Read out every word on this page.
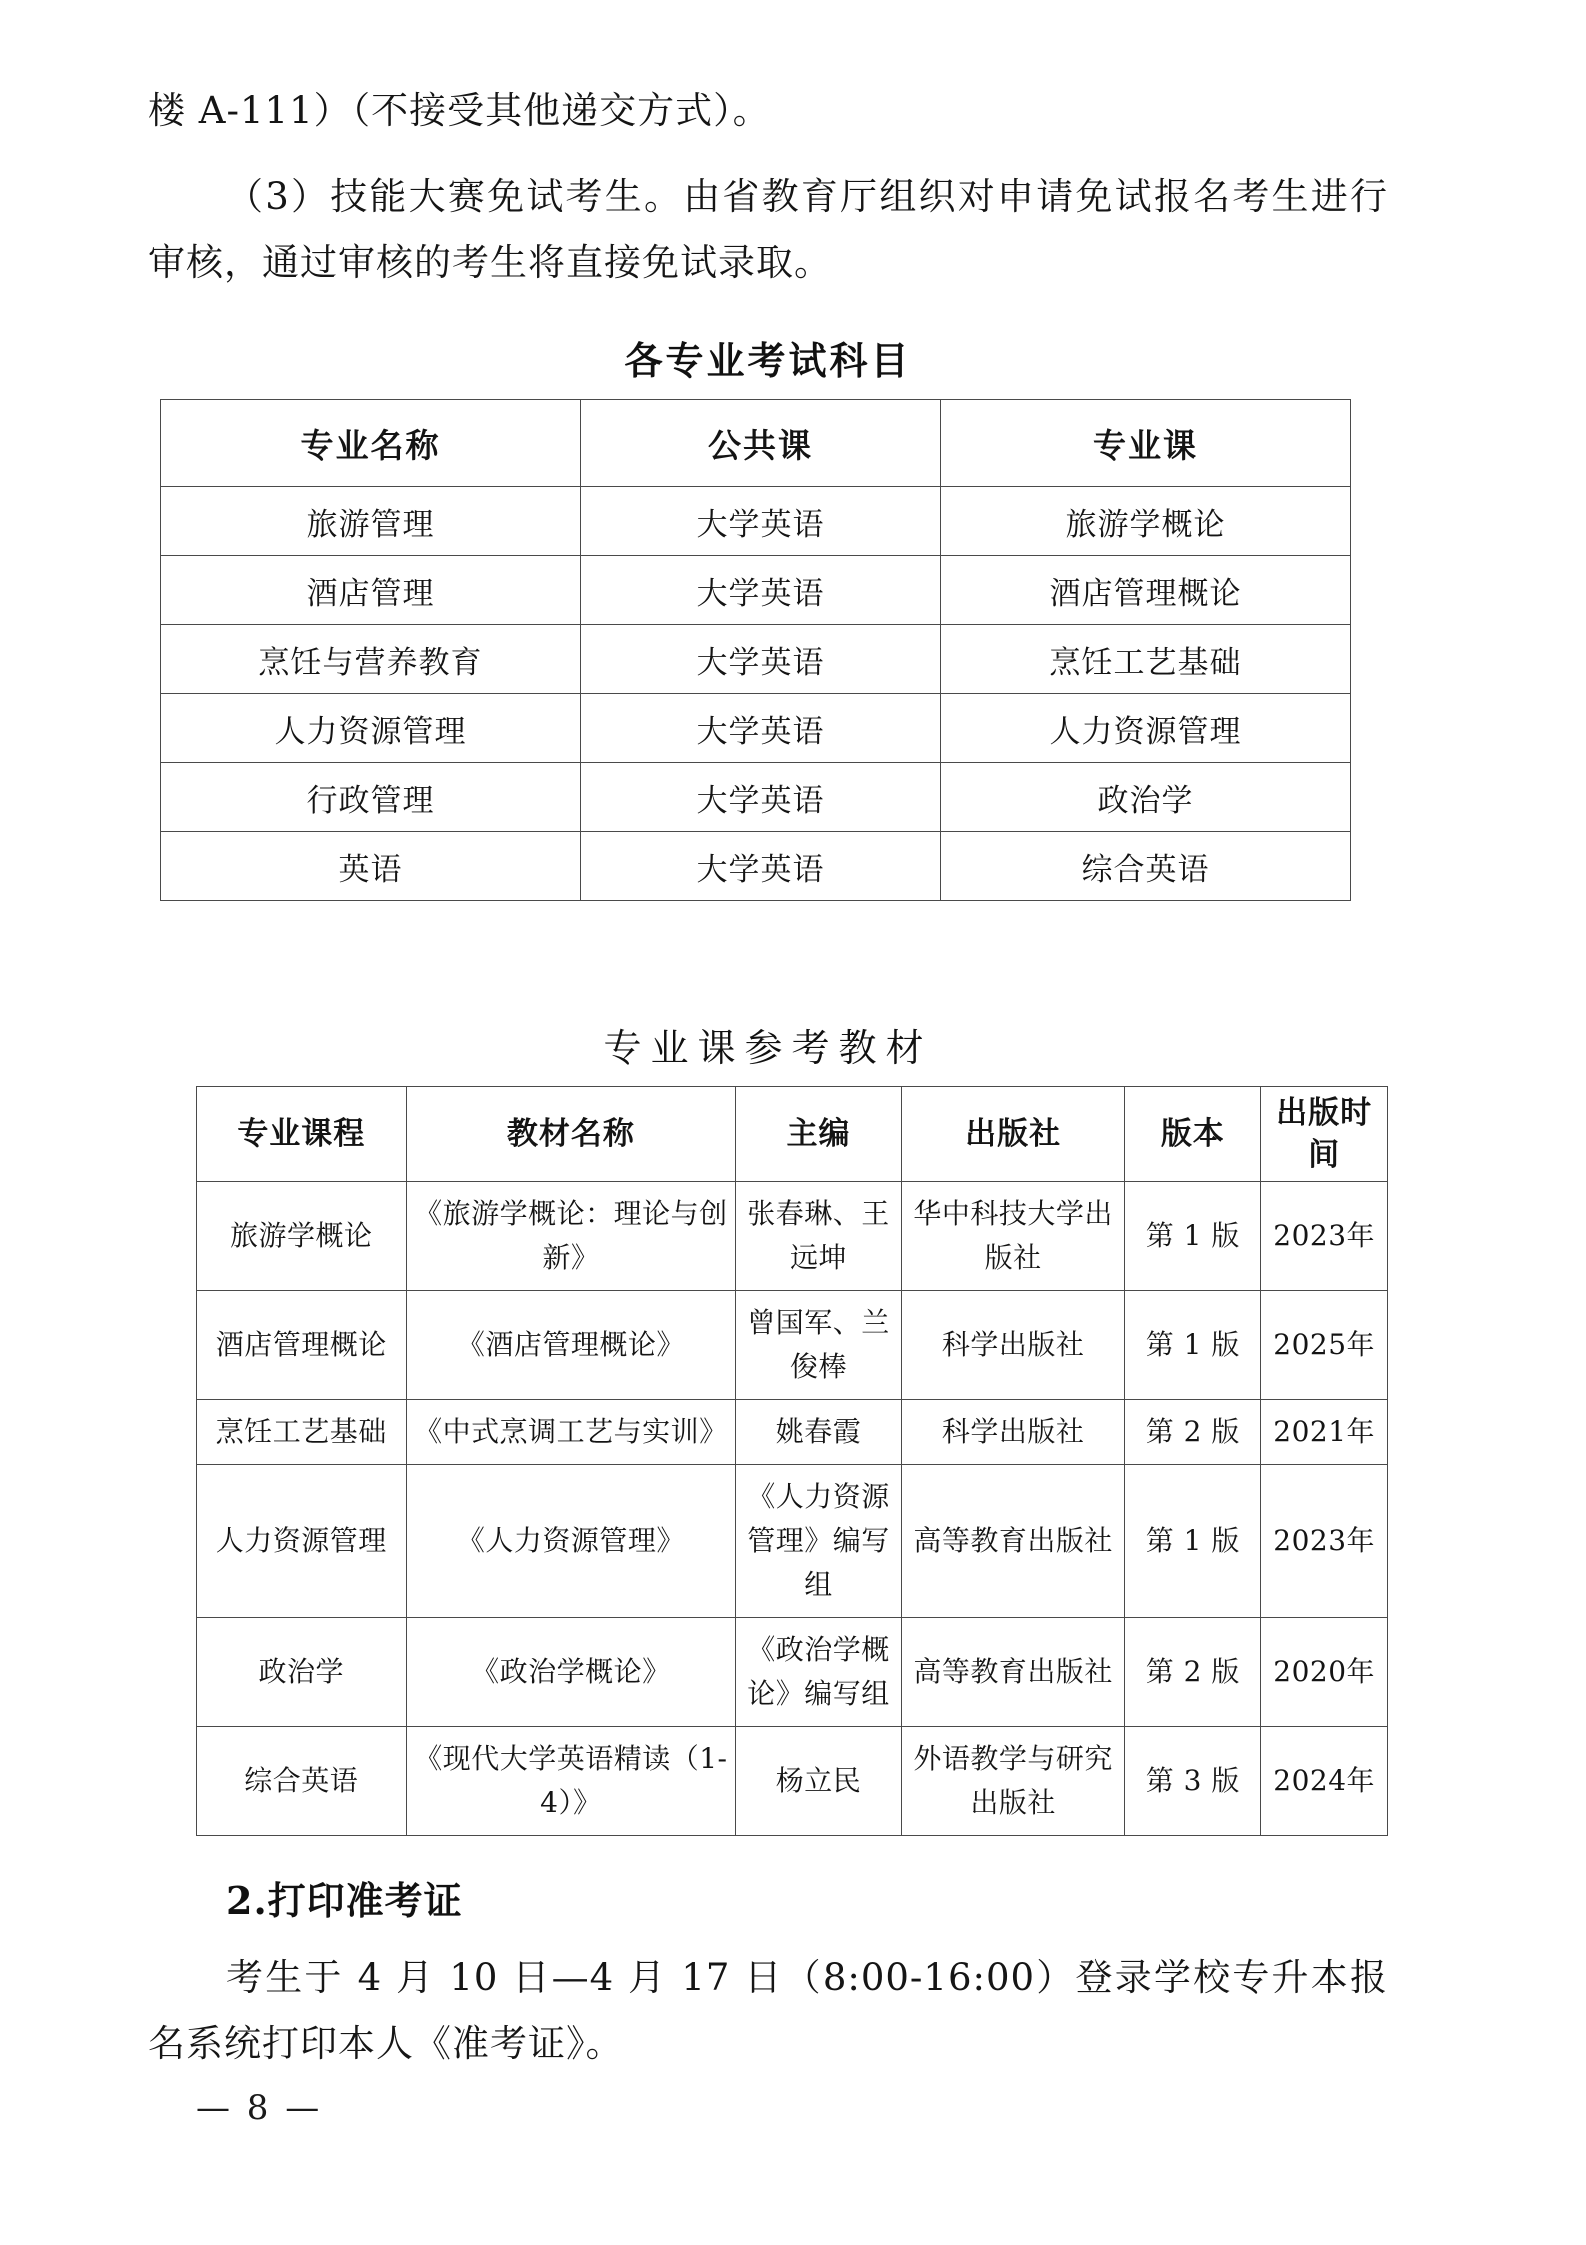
楼 A-111）（不接受其他递交方式）。

（3）技能大赛免试考生。由省教育厅组织对申请免试报名考生进行审核，通过审核的考生将直接免试录取。

各专业考试科目
专业名称	公共课	专业课
旅游管理	大学英语	旅游学概论
酒店管理	大学英语	酒店管理概论
烹饪与营养教育	大学英语	烹饪工艺基础
人力资源管理	大学英语	人力资源管理
行政管理	大学英语	政治学
英语	大学英语	综合英语
专业课参考教材
专业课程	教材名称	主编	出版社	版本	出版时间
旅游学概论	《旅游学概论：理论与创新》	张春琳、王远坤	华中科技大学出版社	第 1 版	2023年
酒店管理概论	《酒店管理概论》	曾国军、兰俊棒	科学出版社	第 1 版	2025年
烹饪工艺基础	《中式烹调工艺与实训》	姚春霞	科学出版社	第 2 版	2021年
人力资源管理	《人力资源管理》	《人力资源管理》编写组	高等教育出版社	第 1 版	2023年
政治学	《政治学概论》	《政治学概论》编写组	高等教育出版社	第 2 版	2020年
综合英语	《现代大学英语精读（1-4）》	杨立民	外语教学与研究出版社	第 3 版	2024年

2.打印准考证

考生于 4 月 10 日—4 月 17 日（8:00-16:00）登录学校专升本报名系统打印本人《准考证》。

— 8 —
